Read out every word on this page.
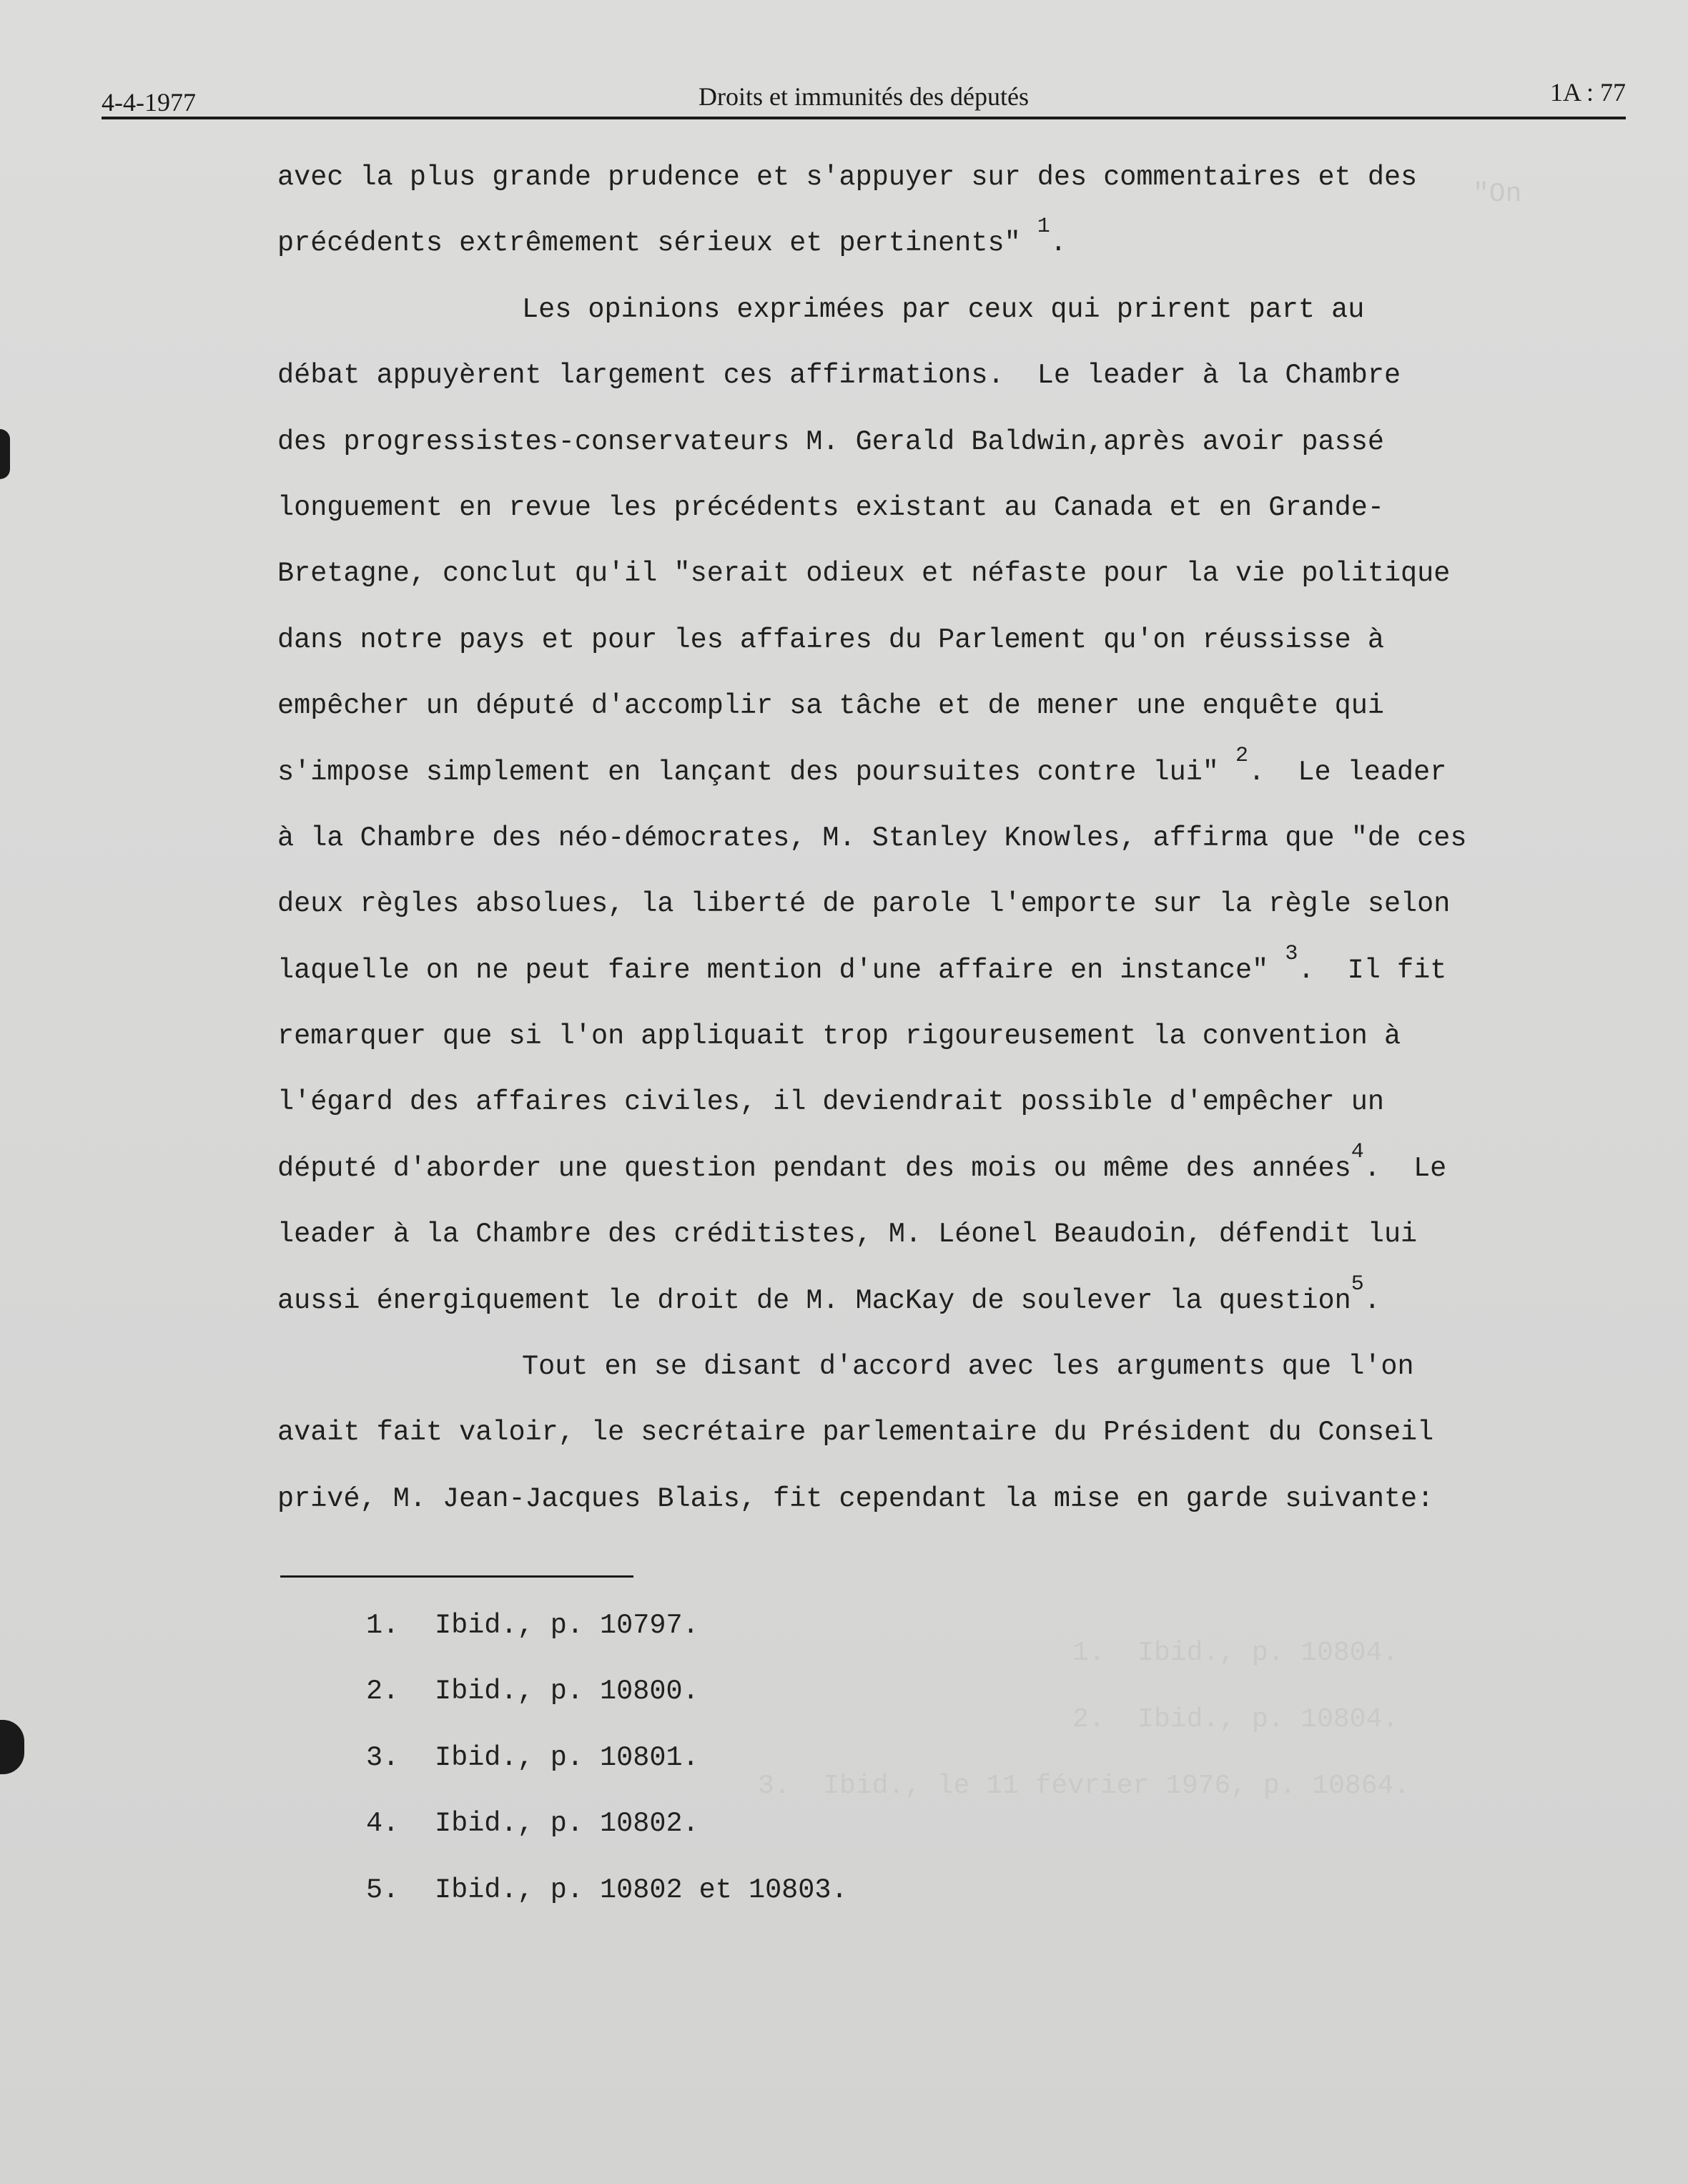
"On
1.  Ibid., p. 10804.
2.  Ibid., p. 10804.
3.  Ibid., le 11 février 1976, p. 10864.
4-4-1977	Droits et immunités des députés	1A : 77
avec la plus grande prudence et s'appuyer sur des commentaires et des
précédents extrêmement sérieux et pertinents" $^1$.
Les opinions exprimées par ceux qui prirent part au
débat appuyèrent largement ces affirmations.  Le leader à la Chambre
des progressistes-conservateurs M. Gerald Baldwin,après avoir passé
longuement en revue les précédents existant au Canada et en Grande-
Bretagne, conclut qu'il "serait odieux et néfaste pour la vie politique
dans notre pays et pour les affaires du Parlement qu'on réussisse à
empêcher un député d'accomplir sa tâche et de mener une enquête qui
s'impose simplement en lançant des poursuites contre lui" $^2$.  Le leader
à la Chambre des néo-démocrates, M. Stanley Knowles, affirma que "de ces
deux règles absolues, la liberté de parole l'emporte sur la règle selon
laquelle on ne peut faire mention d'une affaire en instance" $^3$.  Il fit
remarquer que si l'on appliquait trop rigoureusement la convention à
l'égard des affaires civiles, il deviendrait possible d'empêcher un
député d'aborder une question pendant des mois ou même des années$^4$.  Le
leader à la Chambre des créditistes, M. Léonel Beaudoin, défendit lui
aussi énergiquement le droit de M. MacKay de soulever la question$^5$.
Tout en se disant d'accord avec les arguments que l'on
avait fait valoir, le secrétaire parlementaire du Président du Conseil
privé, M. Jean-Jacques Blais, fit cependant la mise en garde suivante:
1. Ibid., p. 10797.
2. Ibid., p. 10800.
3. Ibid., p. 10801.
4. Ibid., p. 10802.
5. Ibid., p. 10802 et 10803.
